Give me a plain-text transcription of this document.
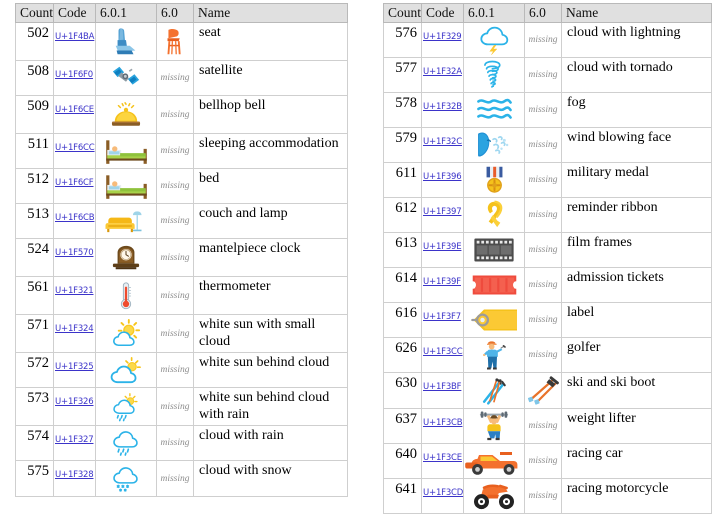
Count	Code	6.0.1	6.0	Name
502	U+1F4BA			seat
508	U+1F6F0		missing	satellite
509	U+1F6CE		missing	bellhop bell
511	U+1F6CC		missing	sleeping accommodation
512	U+1F6CF		missing	bed
513	U+1F6CB		missing	couch and lamp
524	U+1F570		missing	mantelpiece clock
561	U+1F321		missing	thermometer
571	U+1F324		missing	white sun with small cloud
572	U+1F325		missing	white sun behind cloud
573	U+1F326		missing	white sun behind cloud with rain
574	U+1F327		missing	cloud with rain
575	U+1F328		missing	cloud with snow
Count	Code	6.0.1	6.0	Name
576	U+1F329		missing	cloud with lightning
577	U+1F32A		missing	cloud with tornado
578	U+1F32B		missing	fog
579	U+1F32C		missing	wind blowing face
611	U+1F396		missing	military medal
612	U+1F397		missing	reminder ribbon
613	U+1F39E		missing	film frames
614	U+1F39F		missing	admission tickets
616	U+1F3F7		missing	label
626	U+1F3CC		missing	golfer
630	U+1F3BF			ski and ski boot
637	U+1F3CB		missing	weight lifter
640	U+1F3CE		missing	racing car
641	U+1F3CD		missing	racing motorcycle
